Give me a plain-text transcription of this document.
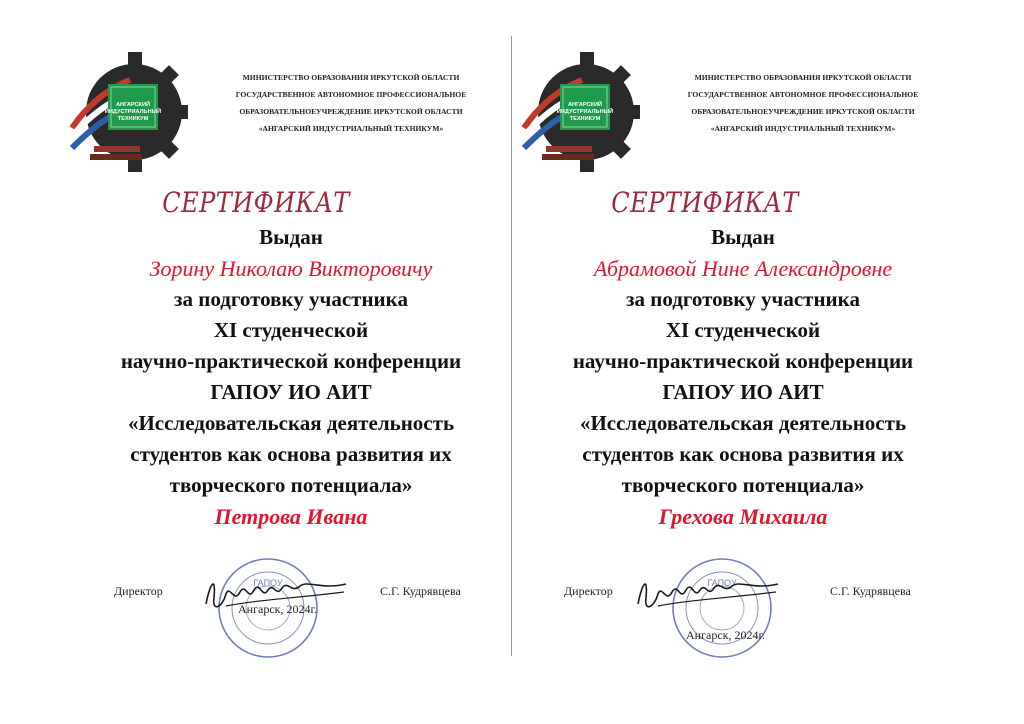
АНГАРСКИЙ
ИНДУСТРИАЛЬНЫЙ
ТЕХНИКУМ
МИНИСТЕРСТВО ОБРАЗОВАНИЯ ИРКУТСКОЙ ОБЛАСТИ
ГОСУДАРСТВЕННОЕ АВТОНОМНОЕ ПРОФЕССИОНАЛЬНОЕ
ОБРАЗОВАТЕЛЬНОЕУЧРЕЖДЕНИЕ ИРКУТСКОЙ ОБЛАСТИ
«АНГАРСКИЙ ИНДУСТРИАЛЬНЫЙ ТЕХНИКУМ»
СЕРТИФИКАТ
Выдан
Зорину Николаю Викторовичу
за подготовку участника
XI студенческой
научно-практической конференции
ГАПОУ ИО АИТ
«Исследовательская деятельность
студентов как основа развития их
творческого потенциала»
Петрова Ивана
ГАПОУ
Директор	С.Г. Кудрявцева
Ангарск, 2024г.
АНГАРСКИЙ
ИНДУСТРИАЛЬНЫЙ
ТЕХНИКУМ
МИНИСТЕРСТВО ОБРАЗОВАНИЯ ИРКУТСКОЙ ОБЛАСТИ
ГОСУДАРСТВЕННОЕ АВТОНОМНОЕ ПРОФЕССИОНАЛЬНОЕ
ОБРАЗОВАТЕЛЬНОЕУЧРЕЖДЕНИЕ ИРКУТСКОЙ ОБЛАСТИ
«АНГАРСКИЙ ИНДУСТРИАЛЬНЫЙ ТЕХНИКУМ»
СЕРТИФИКАТ
Выдан
Абрамовой Нине Александровне
за подготовку участника
XI студенческой
научно-практической конференции
ГАПОУ ИО АИТ
«Исследовательская деятельность
студентов как основа развития их
творческого потенциала»
Грехова Михаила
ГАПОУ
Директор	С.Г. Кудрявцева
Ангарск, 2024г.
